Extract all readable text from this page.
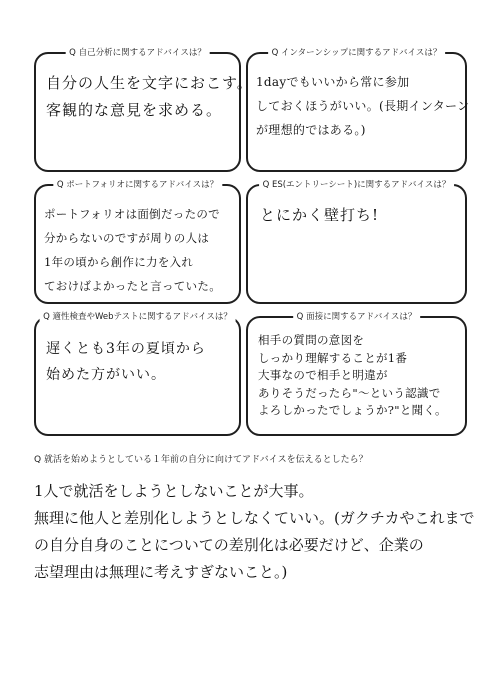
Q 自己分析に関するアドバイスは？
自分の人生を文字におこす。
客観的な意見を求める。
Q インターンシップに関するアドバイスは？
1dayでもいいから常に参加
しておくほうがいい。(長期インターン
が理想的ではある。)
Q ポートフォリオに関するアドバイスは？
ポートフォリオは面倒だったので
分からないのですが周りの人は
1年の頃から創作に力を入れ
ておけばよかったと言っていた。
Q ES(エントリーシート)に関するアドバイスは？
とにかく壁打ち!
Q 適性検査やWebテストに関するアドバイスは？
遅くとも3年の夏頃から
始めた方がいい。
Q 面接に関するアドバイスは？
相手の質問の意図を
しっかり理解することが1番
大事なので相手と明違が
ありそうだったら"〜という認識で
よろしかったでしょうか?"と聞く。
Q 就活を始めようとしている１年前の自分に向けてアドバイスを伝えるとしたら？
1人で就活をしようとしないことが大事。
無理に他人と差別化しようとしなくていい。(ガクチカやこれまで
の自分自身のことについての差別化は必要だけど、企業の
志望理由は無理に考えすぎないこと。)
